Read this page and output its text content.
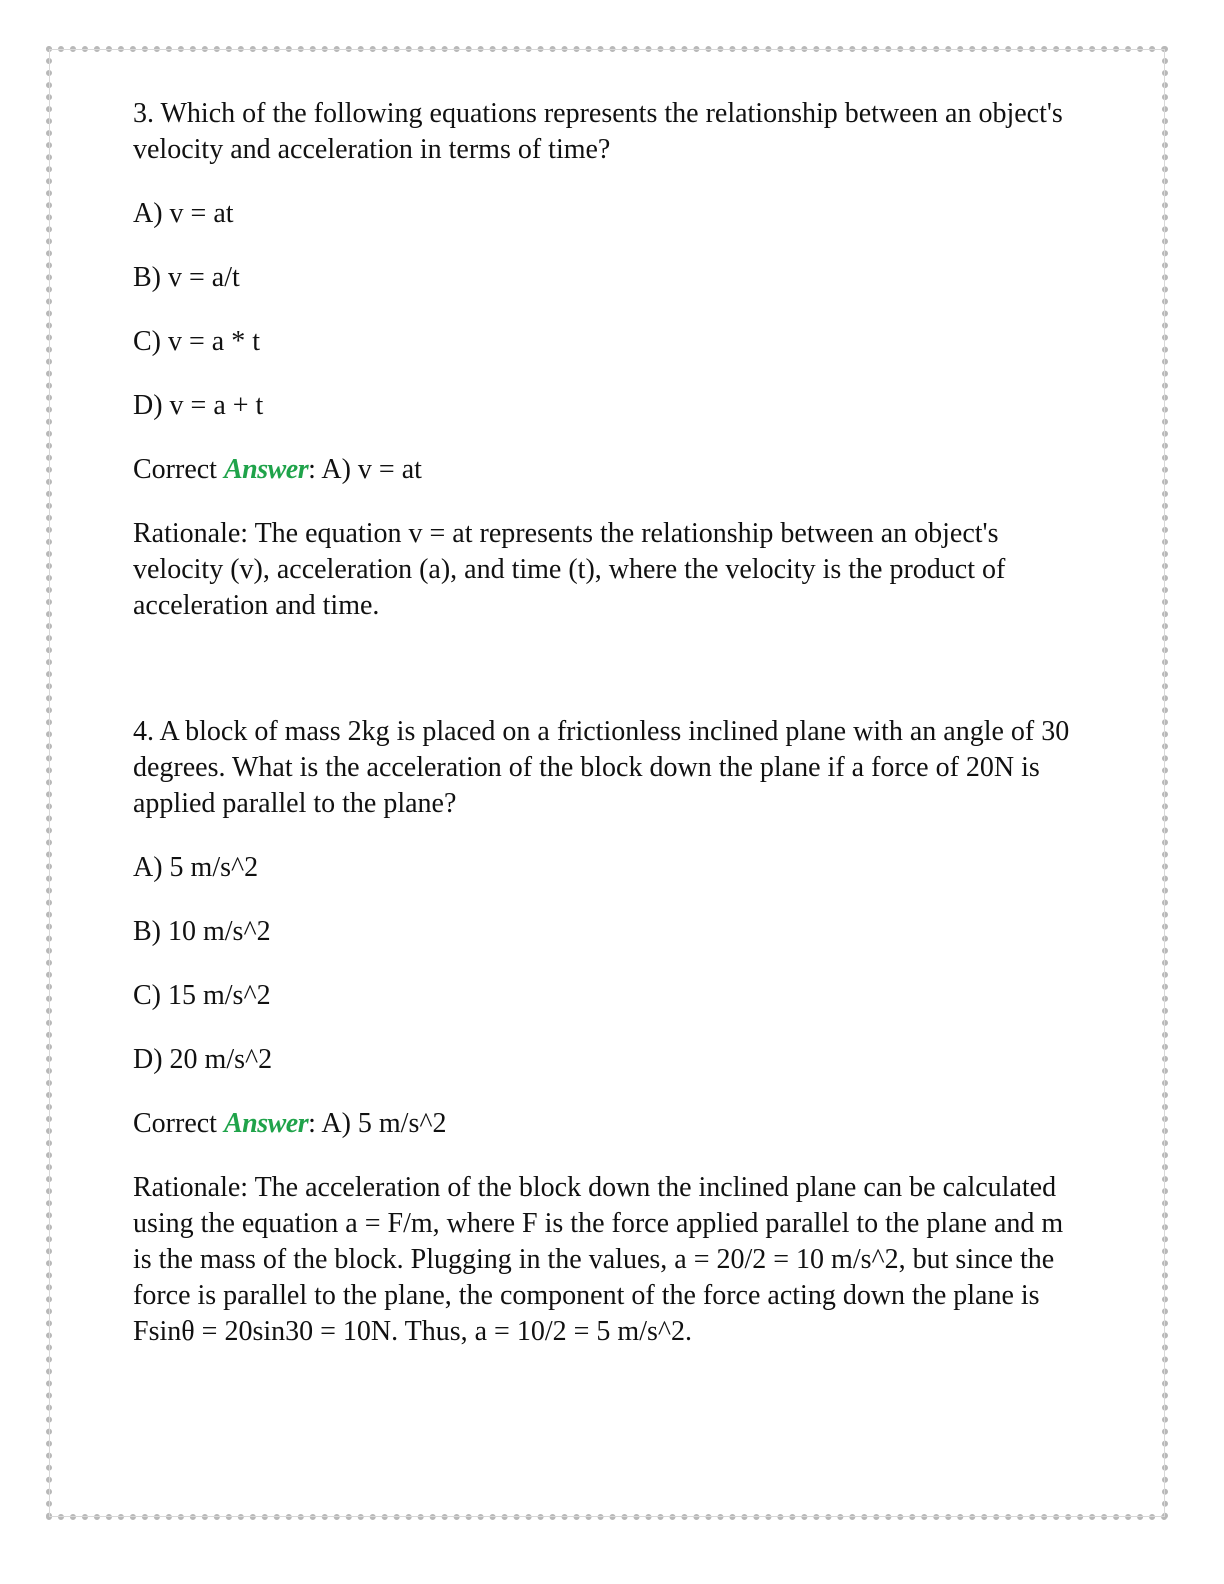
3. Which of the following equations represents the relationship between an object's velocity and acceleration in terms of time?

A) v = at

B) v = a/t

C) v = a * t

D) v = a + t

Correct Answer: A) v = at

Rationale: The equation v = at represents the relationship between an object's velocity (v), acceleration (a), and time (t), where the velocity is the product of acceleration and time.

4. A block of mass 2kg is placed on a frictionless inclined plane with an angle of 30 degrees. What is the acceleration of the block down the plane if a force of 20N is applied parallel to the plane?

A) 5 m/s^2

B) 10 m/s^2

C) 15 m/s^2

D) 20 m/s^2

Correct Answer: A) 5 m/s^2

Rationale: The acceleration of the block down the inclined plane can be calculated using the equation a = F/m, where F is the force applied parallel to the plane and m is the mass of the block. Plugging in the values, a = 20/2 = 10 m/s^2, but since the force is parallel to the plane, the component of the force acting down the plane is Fsinθ = 20sin30 = 10N. Thus, a = 10/2 = 5 m/s^2.
